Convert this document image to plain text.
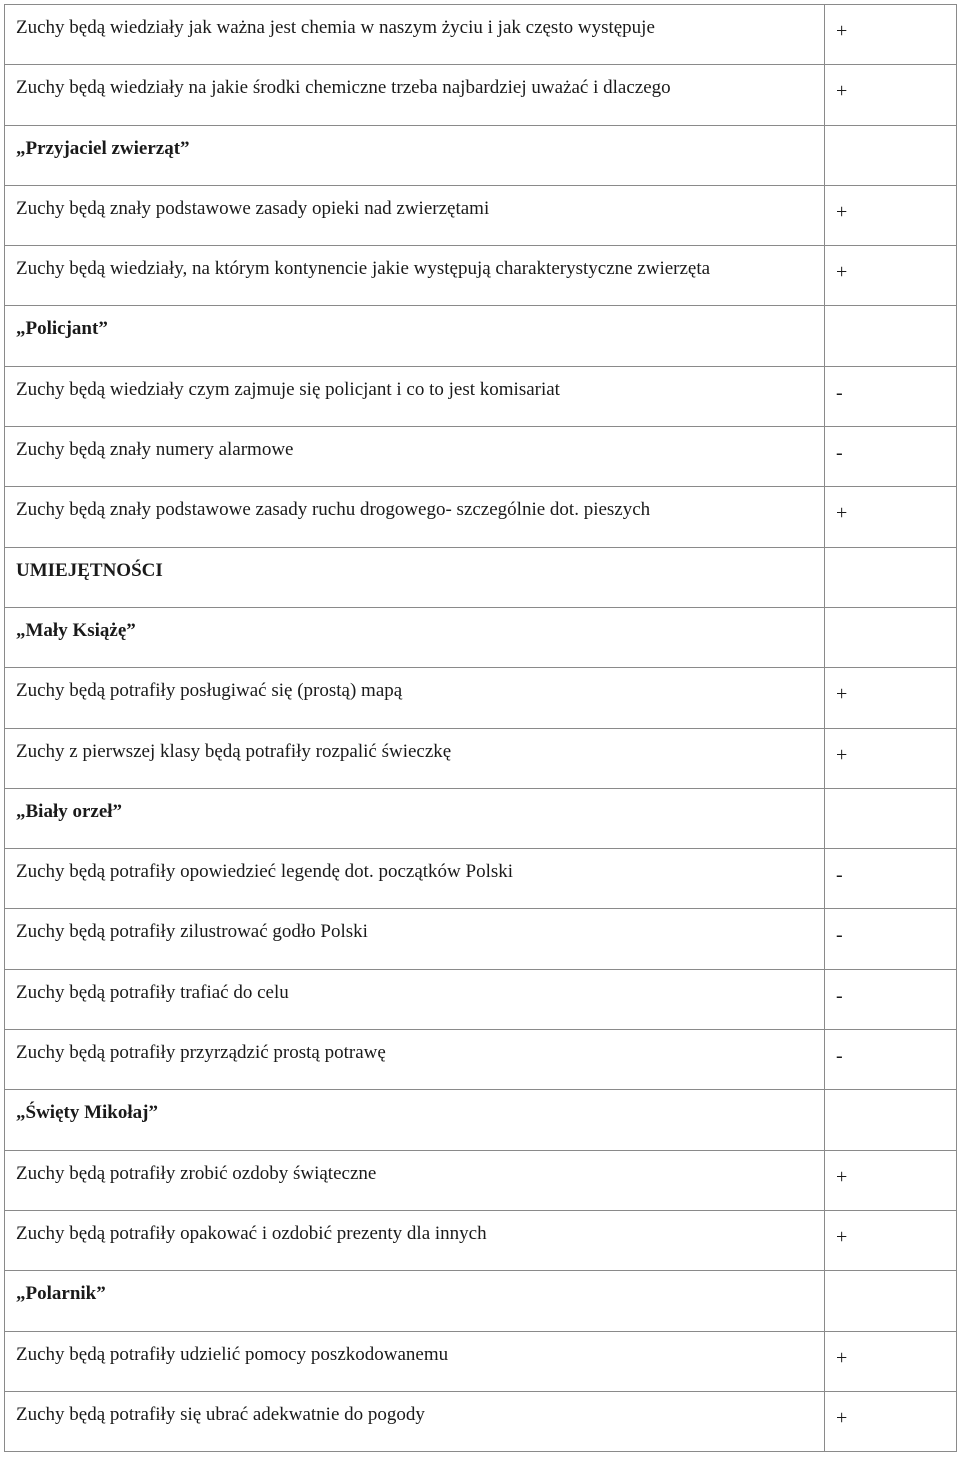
Zuchy będą wiedziały jak ważna jest chemia w naszym życiu i jak często występuje	+
Zuchy będą wiedziały na jakie środki chemiczne trzeba najbardziej uważać i dlaczego	+
„Przyjaciel zwierząt”	
Zuchy będą znały podstawowe zasady opieki nad zwierzętami	+
Zuchy będą wiedziały, na którym kontynencie jakie występują charakterystyczne zwierzęta	+
„Policjant”	
Zuchy będą wiedziały czym zajmuje się policjant i co to jest komisariat	-
Zuchy będą znały numery alarmowe	-
Zuchy będą znały podstawowe zasady ruchu drogowego- szczególnie dot. pieszych	+
UMIEJĘTNOŚCI	
„Mały Książę”	
Zuchy będą potrafiły posługiwać się (prostą) mapą	+
Zuchy z pierwszej klasy będą potrafiły rozpalić świeczkę	+
„Biały orzeł”	
Zuchy będą potrafiły opowiedzieć legendę dot. początków Polski	-
Zuchy będą potrafiły zilustrować godło Polski	-
Zuchy będą potrafiły trafiać do celu	-
Zuchy będą potrafiły przyrządzić prostą potrawę	-
„Święty Mikołaj”	
Zuchy będą potrafiły zrobić ozdoby świąteczne	+
Zuchy będą potrafiły opakować i ozdobić prezenty dla innych	+
„Polarnik”	
Zuchy będą potrafiły udzielić pomocy poszkodowanemu	+
Zuchy będą potrafiły się ubrać adekwatnie do pogody	+
